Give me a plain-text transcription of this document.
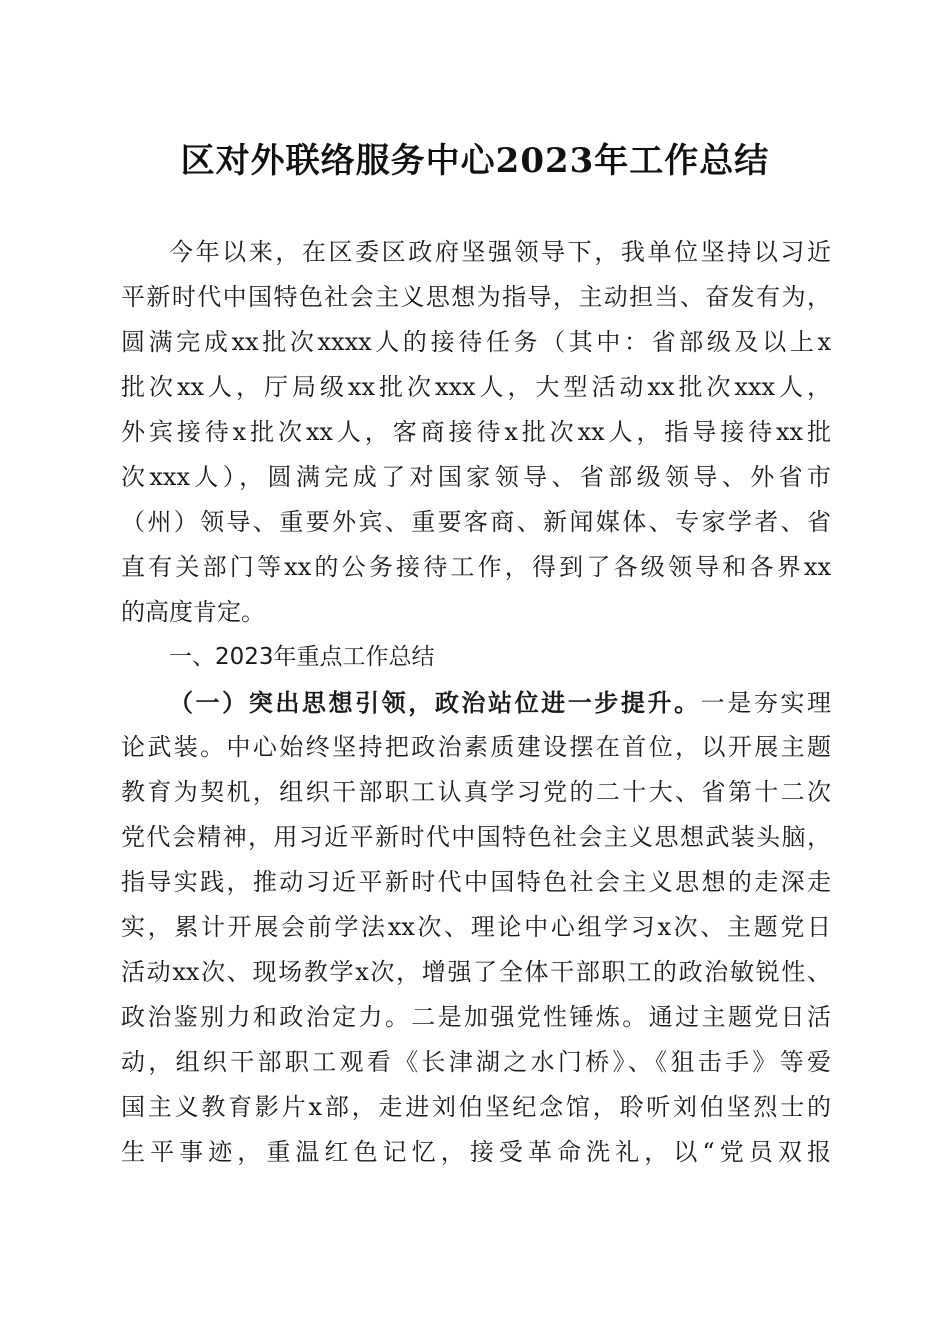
区对外联络服务中心2023年工作总结
今年以来，在区委区政府坚强领导下，我单位坚持以习近
平新时代中国特色社会主义思想为指导，主动担当、奋发有为，
圆满完成xx批次xxxx人的接待任务（其中：省部级及以上x
批次xx人，厅局级xx批次xxx人，大型活动xx批次xxx人，
外宾接待x批次xx人，客商接待x批次xx人，指导接待xx批
次xxx人），圆满完成了对国家领导、省部级领导、外省市
（州）领导、重要外宾、重要客商、新闻媒体、专家学者、省
直有关部门等xx的公务接待工作，得到了各级领导和各界xx
的高度肯定。
一、2023年重点工作总结
（一）突出思想引领，政治站位进一步提升。一是夯实理
论武装。中心始终坚持把政治素质建设摆在首位，以开展主题
教育为契机，组织干部职工认真学习党的二十大、省第十二次
党代会精神，用习近平新时代中国特色社会主义思想武装头脑，
指导实践，推动习近平新时代中国特色社会主义思想的走深走
实，累计开展会前学法xx次、理论中心组学习x次、主题党日
活动xx次、现场教学x次，增强了全体干部职工的政治敏锐性、
政治鉴别力和政治定力。二是加强党性锤炼。通过主题党日活
动，组织干部职工观看《长津湖之水门桥》、《狙击手》等爱
国主义教育影片x部，走进刘伯坚纪念馆，聆听刘伯坚烈士的
生平事迹，重温红色记忆，接受革命洗礼，以“党员双报
